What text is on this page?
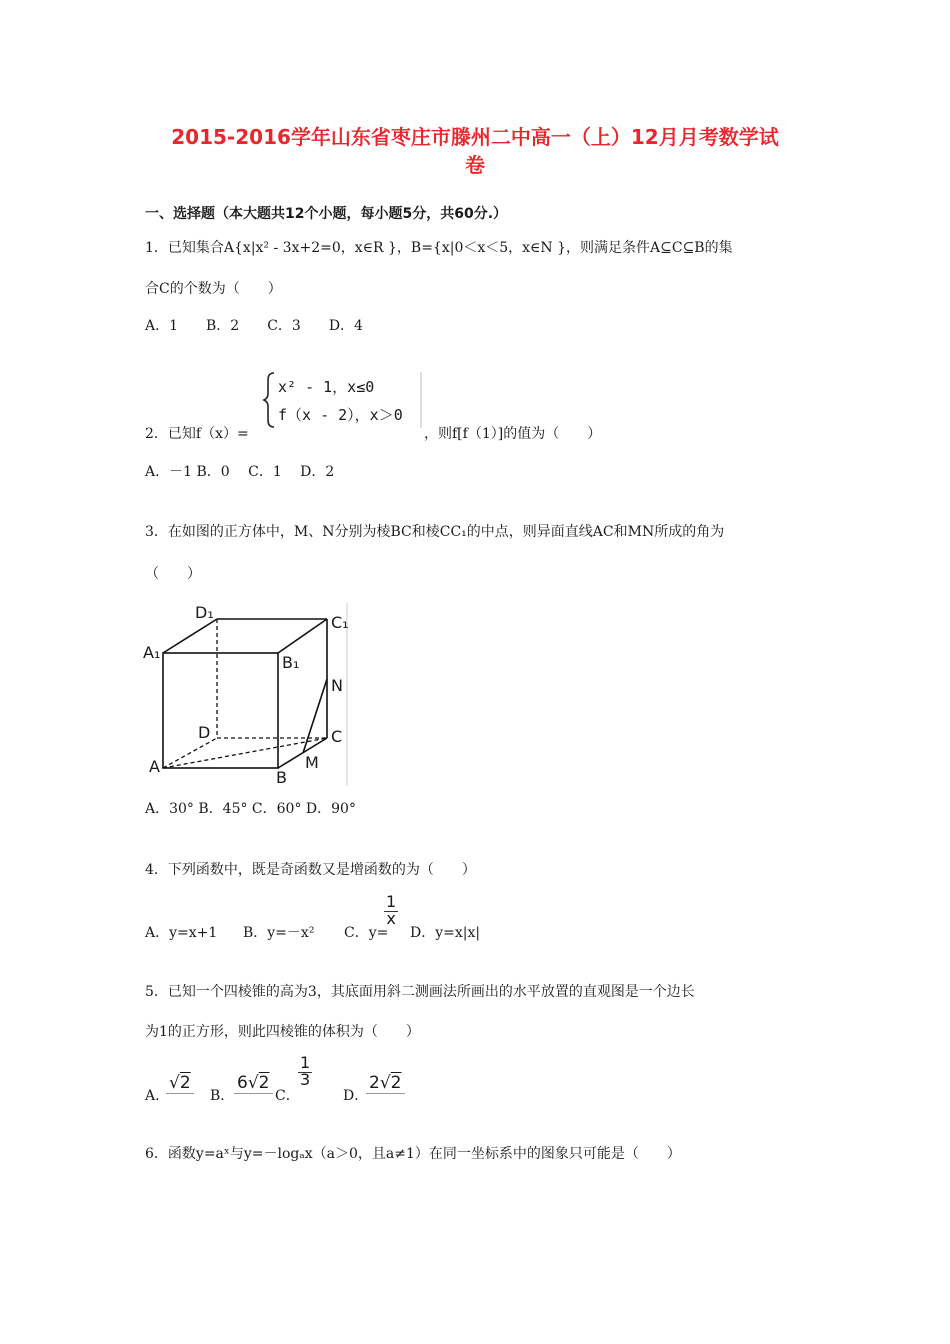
2015-2016学年山东省枣庄市滕州二中高一（上）12月月考数学试
卷
一、选择题（本大题共12个小题，每小题5分，共60分.）
1．已知集合A{x|x² - 3x+2=0，x∈R }，B={x|0＜x＜5，x∈N }，则满足条件A⊆C⊆B的集
合C的个数为（　　）
A．1　　B．2　　C．3　　D．4
2．已知f（x）=
x² - 1，x≤0
f（x - 2），x＞0
，则f[f（1）]的值为（　　）
A．－1 B．0　 C．1　 D．2
3．在如图的正方体中，M、N分别为棱BC和棱CC₁的中点，则异面直线AC和MN所成的角为
（　　）
D₁
C₁
A₁
B₁
N
D	C
A
B
M
A．30° B．45° C．60° D．90°
4．下列函数中，既是奇函数又是增函数的为（　　）
A．y=x+1 B．y=－x² C．y=
$\frac{1}{x}$
D．y=x|x|
5．已知一个四棱锥的高为3，其底面用斜二测画法所画出的水平放置的直观图是一个边长
为1的正方形，则此四棱锥的体积为（　　）
A．
√2
B．
6√2
C．
$\frac{1}{3}$
D．
2√2
6．函数y=aˣ与y=－logₐx（a＞0，且a≠1）在同一坐标系中的图象只可能是（　　）
